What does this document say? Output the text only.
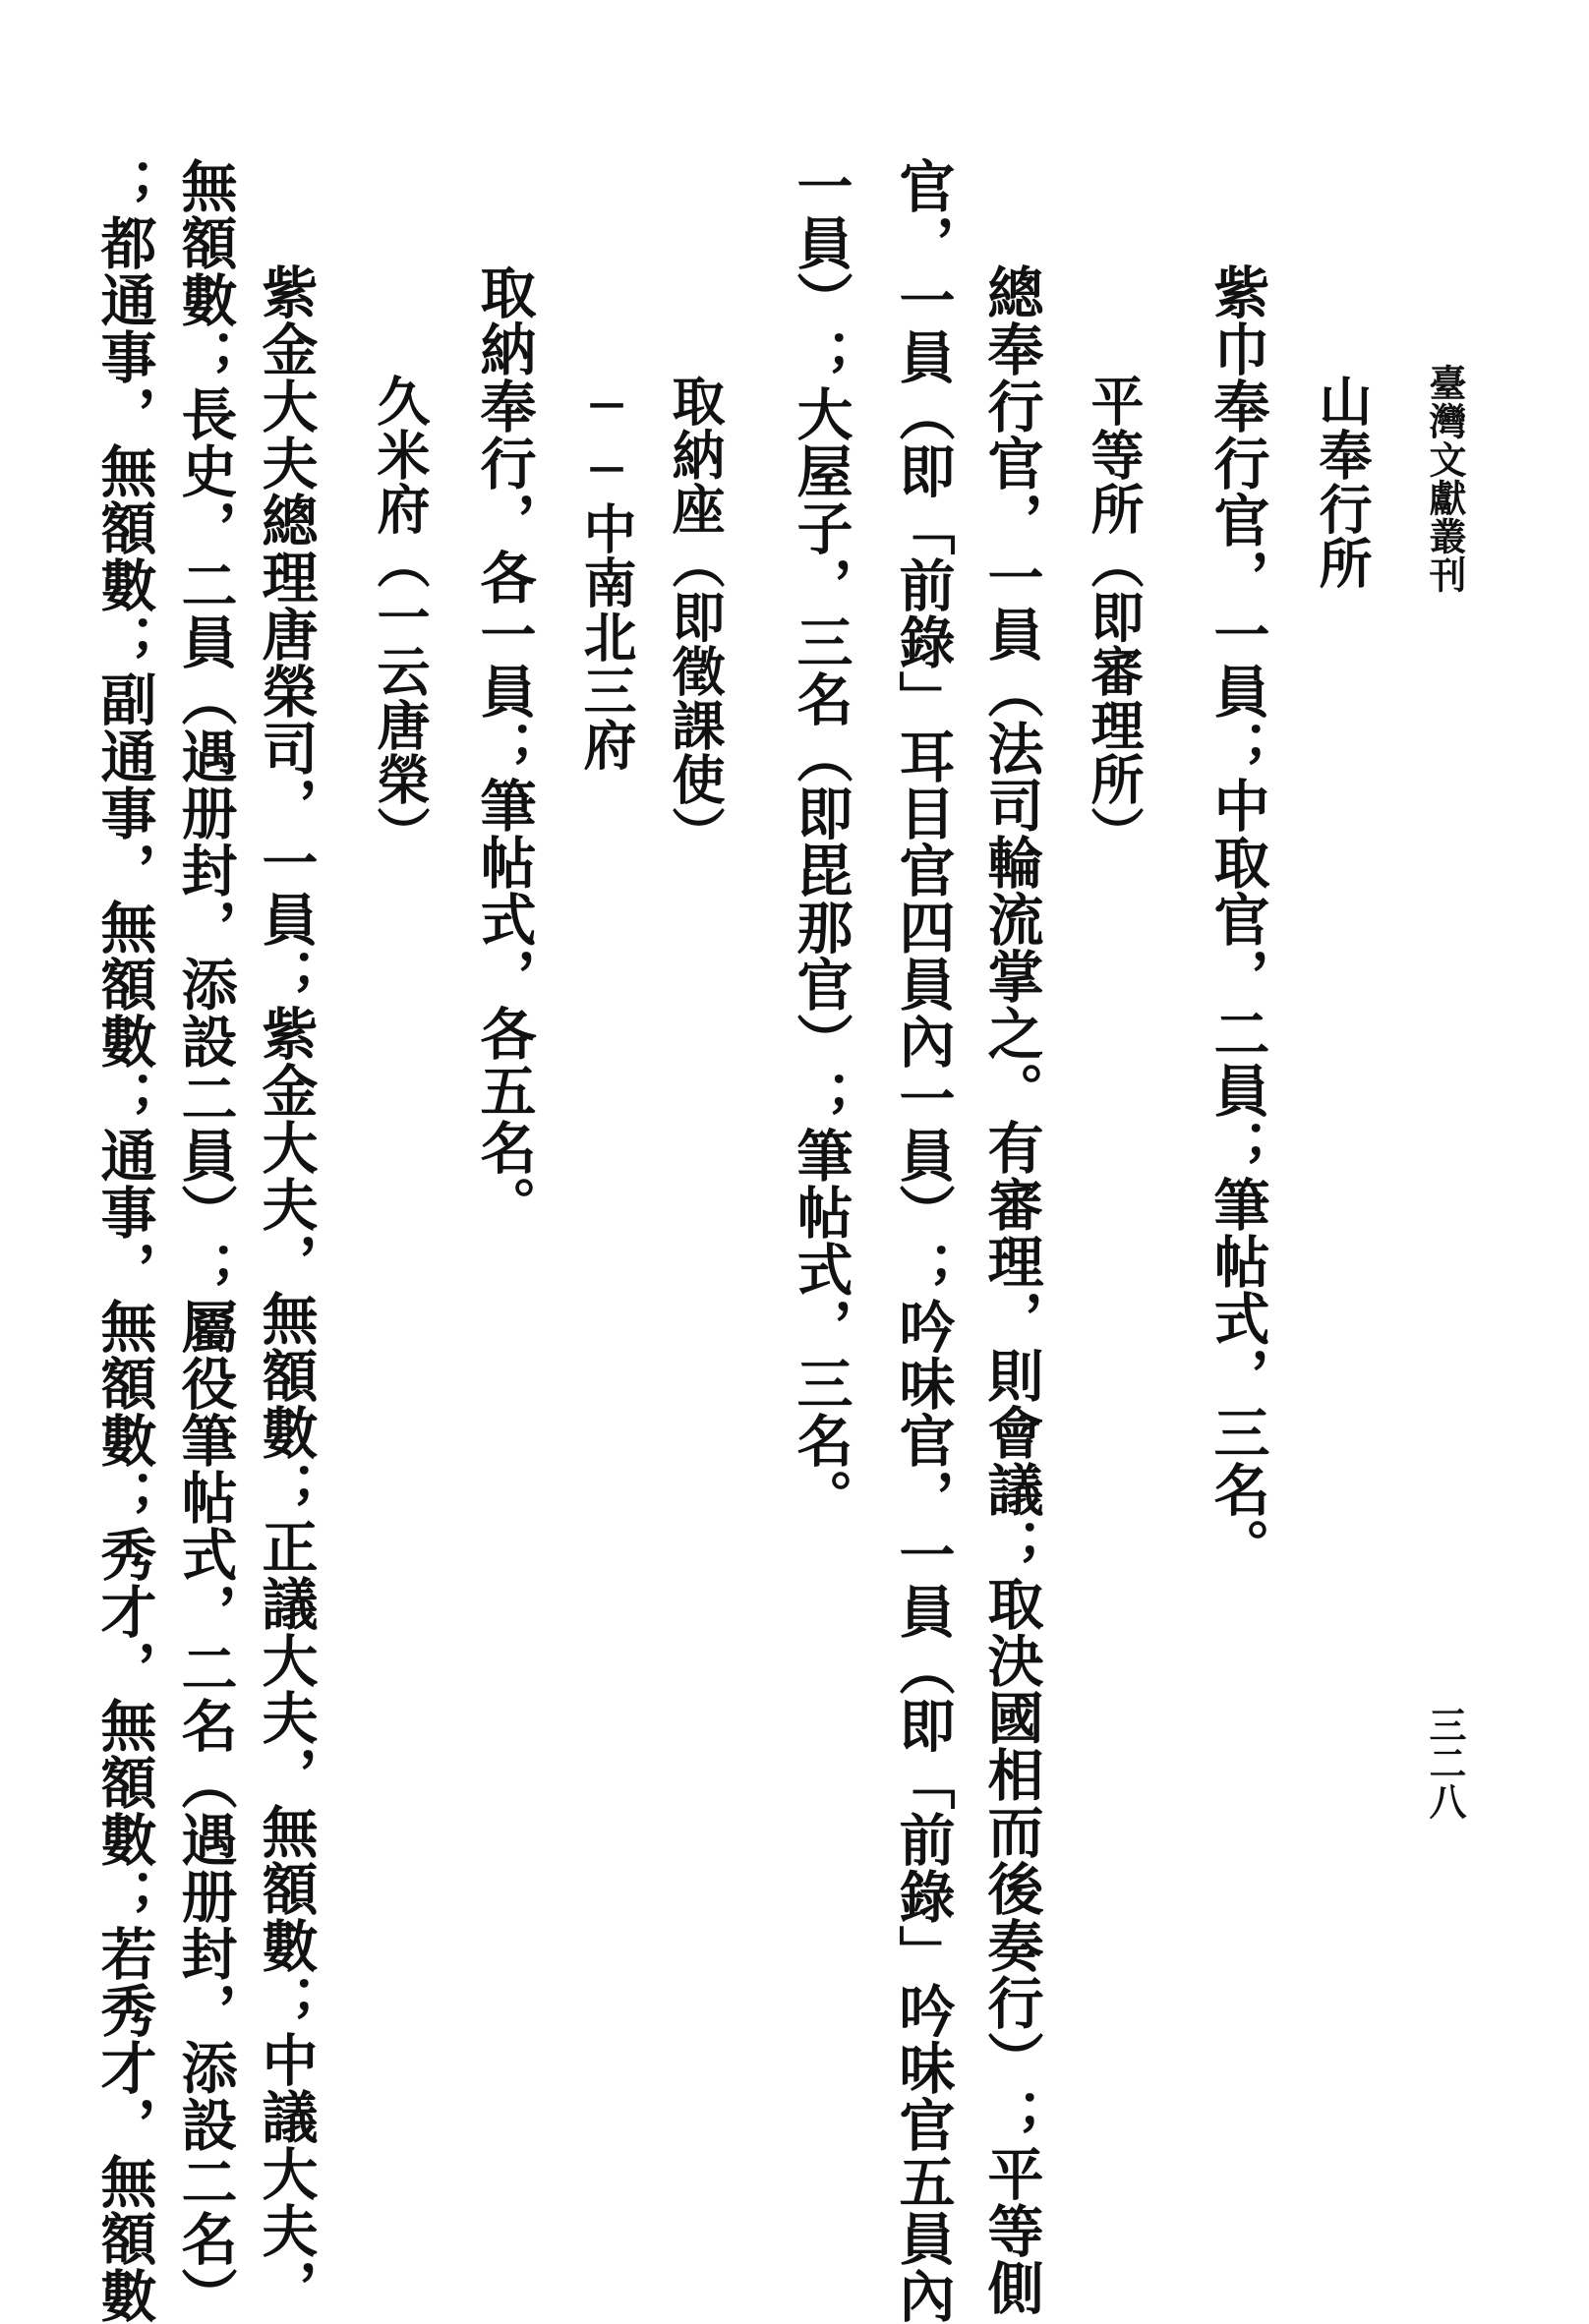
臺灣文獻叢刊
三二八
山奉行所
紫巾奉行官，一員；中取官，二員；筆帖式，三名。
平等所（即審理所）
總奉行官，一員（法司輪流掌之。有審理，則會議；取決國相而後奏行）；平等側
官，一員（即「前錄」耳目官四員內一員）；吟味官，一員（即「前錄」吟味官五員內
一員）；大屋子，三名（即毘那官）；筆帖式，三名。
取納座（即徵課使）
──中南北三府
取納奉行，各一員；筆帖式，各五名。
久米府（一云唐榮）
紫金大夫總理唐榮司，一員；紫金大夫，無額數；正議大夫，無額數；中議大夫，
無額數；長史，二員（遇册封，添設二員）；屬役筆帖式，二名（遇册封，添設二名）
；都通事，無額數；副通事，無額數；通事，無額數；秀才，無額數；若秀才，無額數
